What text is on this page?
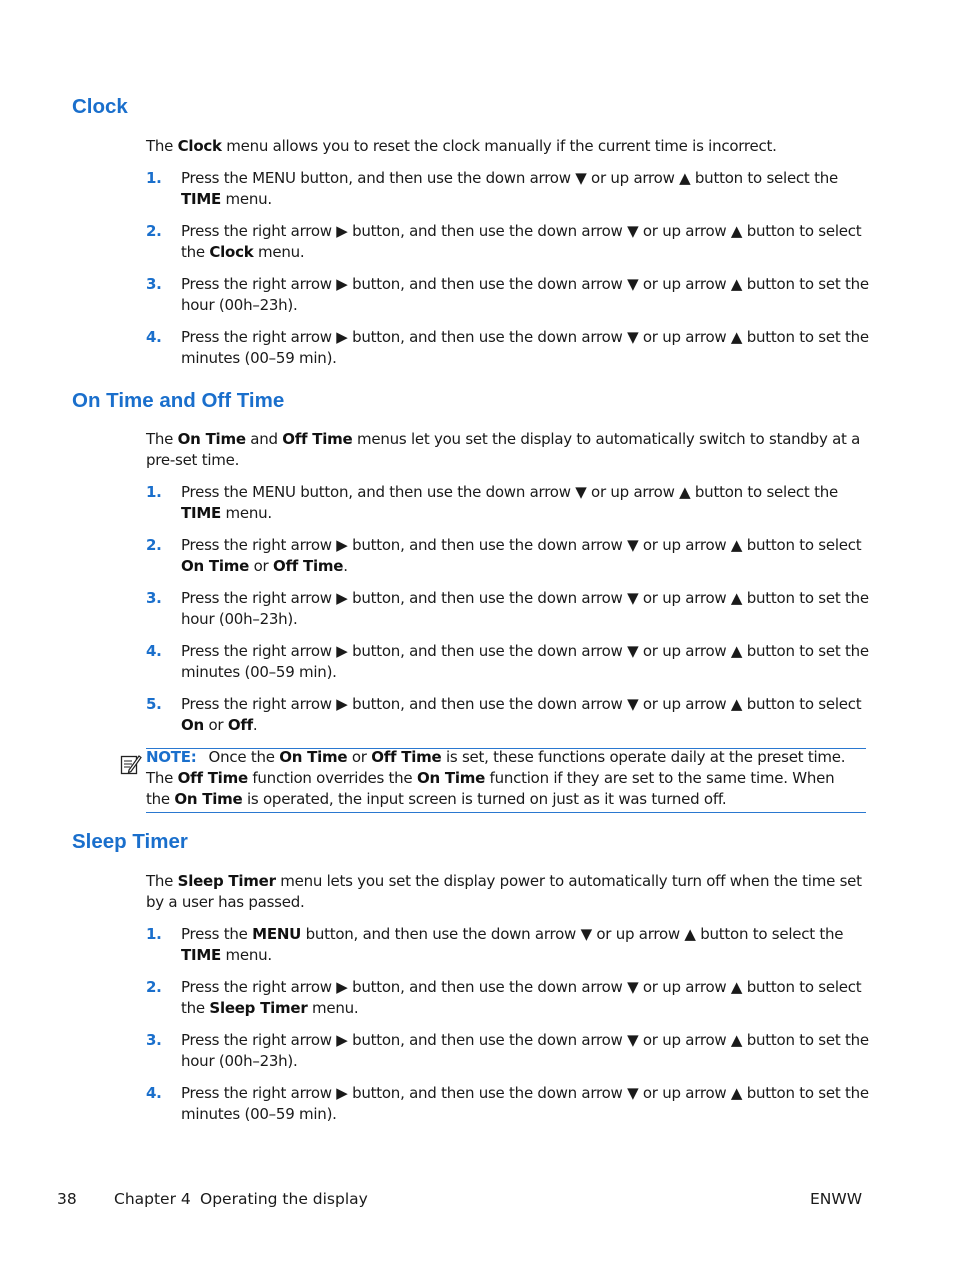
Clock

The Clock menu allows you to reset the clock manually if the current time is incorrect.

1.	Press the MENU button, and then use the down arrow ▼ or up arrow ▲ button to select the TIME menu.
2.	Press the right arrow ▶ button, and then use the down arrow ▼ or up arrow ▲ button to select the Clock menu.
3.	Press the right arrow ▶ button, and then use the down arrow ▼ or up arrow ▲ button to set the hour (00h–23h).
4.	Press the right arrow ▶ button, and then use the down arrow ▼ or up arrow ▲ button to set the minutes (00–59 min).
On Time and Off Time

The On Time and Off Time menus let you set the display to automatically switch to standby at a pre-set time.

1.	Press the MENU button, and then use the down arrow ▼ or up arrow ▲ button to select the TIME menu.
2.	Press the right arrow ▶ button, and then use the down arrow ▼ or up arrow ▲ button to select On Time or Off Time.
3.	Press the right arrow ▶ button, and then use the down arrow ▼ or up arrow ▲ button to set the hour (00h–23h).
4.	Press the right arrow ▶ button, and then use the down arrow ▼ or up arrow ▲ button to set the minutes (00–59 min).
5.	Press the right arrow ▶ button, and then use the down arrow ▼ or up arrow ▲ button to select On or Off.

NOTE: Once the On Time or Off Time is set, these functions operate daily at the preset time. The Off Time function overrides the On Time function if they are set to the same time. When the On Time is operated, the input screen is turned on just as it was turned off.

Sleep Timer

The Sleep Timer menu lets you set the display power to automatically turn off when the time set by a user has passed.

1.	Press the MENU button, and then use the down arrow ▼ or up arrow ▲ button to select the TIME menu.
2.	Press the right arrow ▶ button, and then use the down arrow ▼ or up arrow ▲ button to select the Sleep Timer menu.
3.	Press the right arrow ▶ button, and then use the down arrow ▼ or up arrow ▲ button to set the hour (00h–23h).
4.	Press the right arrow ▶ button, and then use the down arrow ▼ or up arrow ▲ button to set the minutes (00–59 min).
38 Chapter 4 Operating the display	ENWW
